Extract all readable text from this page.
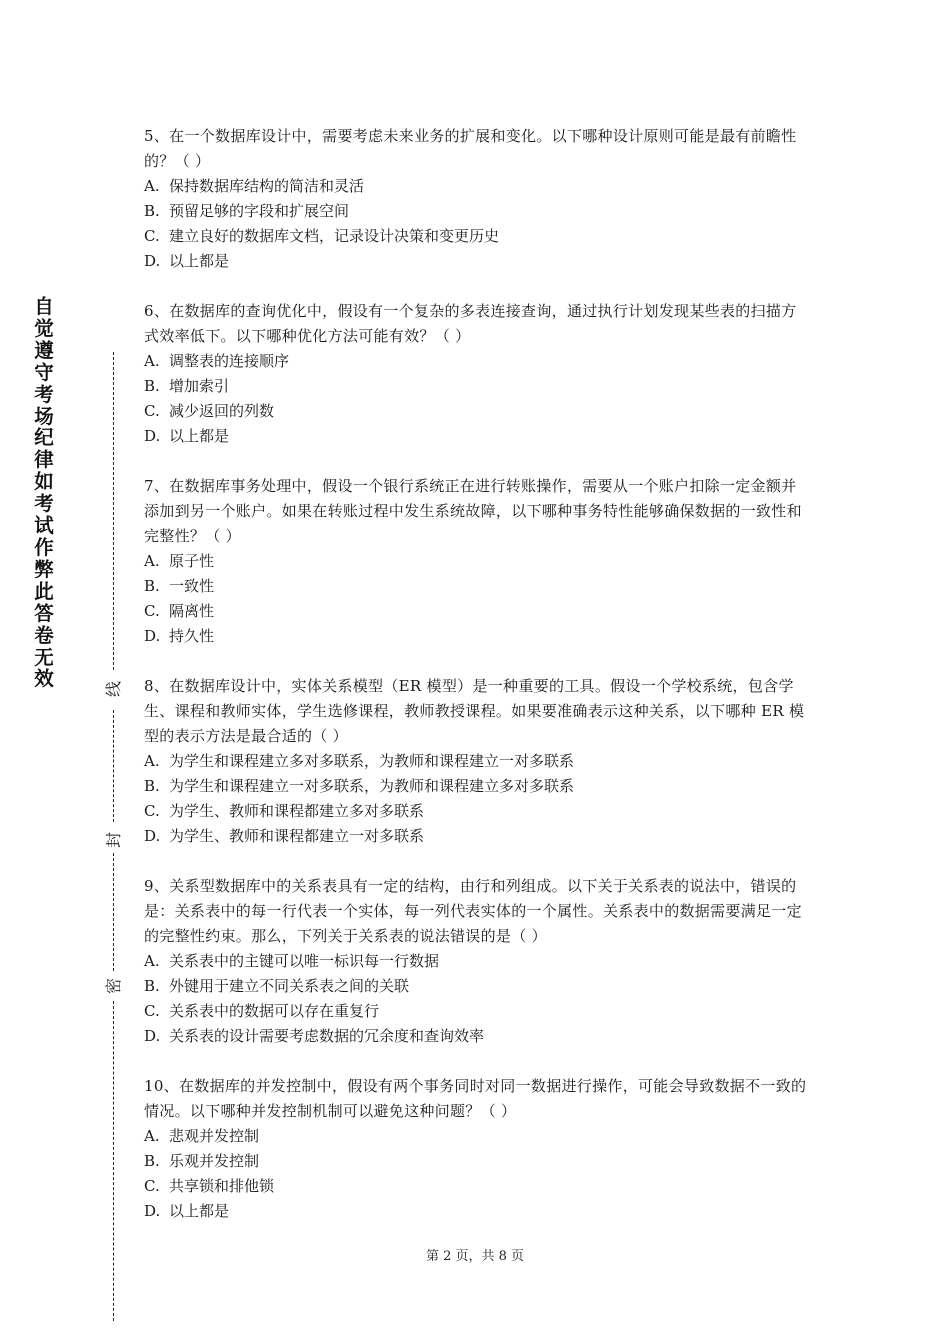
自觉遵守考场纪律如考试作弊此答卷无效	线
封
密

5、在一个数据库设计中，需要考虑未来业务的扩展和变化。以下哪种设计原则可能是最有前瞻性的？（ ）

A. 保持数据库结构的简洁和灵活
B. 预留足够的字段和扩展空间
C. 建立良好的数据库文档，记录设计决策和变更历史
D. 以上都是

6、在数据库的查询优化中，假设有一个复杂的多表连接查询，通过执行计划发现某些表的扫描方式效率低下。以下哪种优化方法可能有效？（ ）

A. 调整表的连接顺序
B. 增加索引
C. 减少返回的列数
D. 以上都是

7、在数据库事务处理中，假设一个银行系统正在进行转账操作，需要从一个账户扣除一定金额并添加到另一个账户。如果在转账过程中发生系统故障，以下哪种事务特性能够确保数据的一致性和完整性？（ ）

A. 原子性
B. 一致性
C. 隔离性
D. 持久性

8、在数据库设计中，实体关系模型（ER 模型）是一种重要的工具。假设一个学校系统，包含学生、课程和教师实体，学生选修课程，教师教授课程。如果要准确表示这种关系，以下哪种 ER 模型的表示方法是最合适的（ ）

A. 为学生和课程建立多对多联系，为教师和课程建立一对多联系
B. 为学生和课程建立一对多联系，为教师和课程建立多对多联系
C. 为学生、教师和课程都建立多对多联系
D. 为学生、教师和课程都建立一对多联系

9、关系型数据库中的关系表具有一定的结构，由行和列组成。以下关于关系表的说法中，错误的是：关系表中的每一行代表一个实体，每一列代表实体的一个属性。关系表中的数据需要满足一定的完整性约束。那么，下列关于关系表的说法错误的是（ ）

A. 关系表中的主键可以唯一标识每一行数据
B. 外键用于建立不同关系表之间的关联
C. 关系表中的数据可以存在重复行
D. 关系表的设计需要考虑数据的冗余度和查询效率

10、在数据库的并发控制中，假设有两个事务同时对同一数据进行操作，可能会导致数据不一致的情况。以下哪种并发控制机制可以避免这种问题？（ ）

A. 悲观并发控制
B. 乐观并发控制
C. 共享锁和排他锁
D. 以上都是
第 2 页，共 8 页
